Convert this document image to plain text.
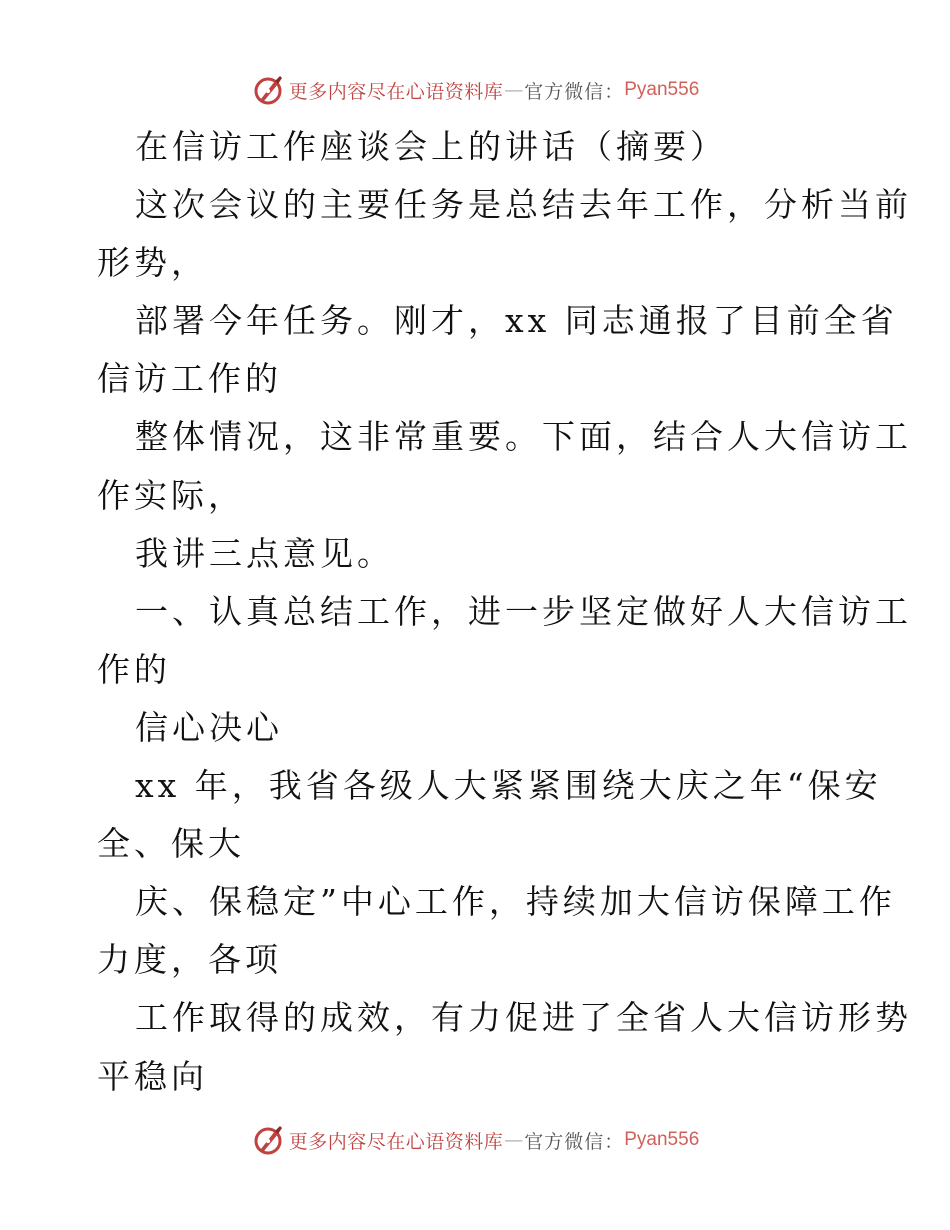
更多内容尽在心语资料库 — 官方微信： Pyan556
在信访工作座谈会上的讲话（摘要）
这次会议的主要任务是总结去年工作，分析当前
形势，
部署今年任务。刚才，xx 同志通报了目前全省
信访工作的
整体情况，这非常重要。下面，结合人大信访工
作实际，
我讲三点意见。
一、认真总结工作，进一步坚定做好人大信访工
作的
信心决心
xx 年，我省各级人大紧紧围绕大庆之年“保安
全、保大
庆、保稳定”中心工作，持续加大信访保障工作
力度，各项
工作取得的成效，有力促进了全省人大信访形势
平稳向
更多内容尽在心语资料库 — 官方微信： Pyan556
